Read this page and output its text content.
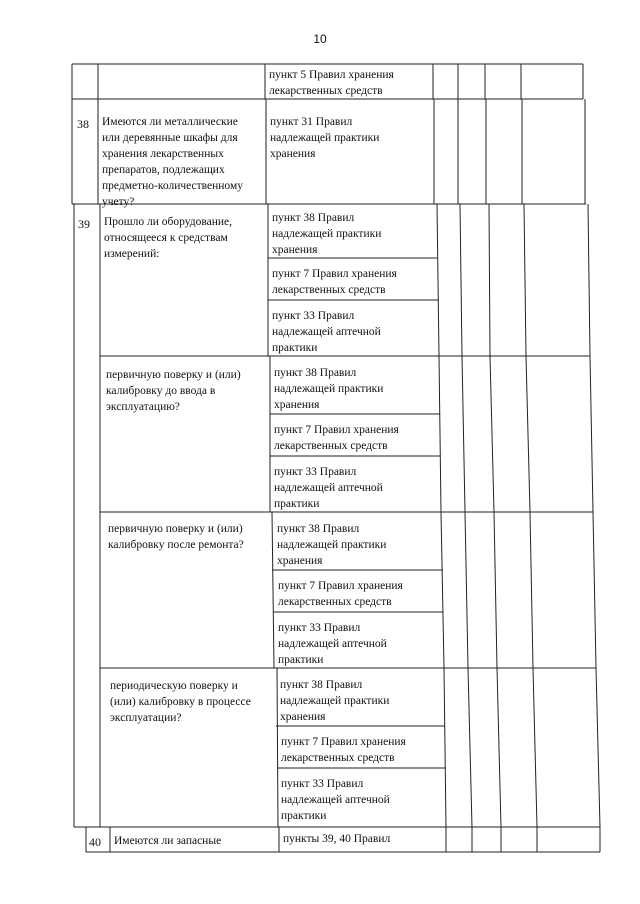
10
пункт 5 Правил хранения
лекарственных средств
38 Имеются ли металлические
или деревянные шкафы для
хранения лекарственных
препаратов, подлежащих
предметно-количественному
учету?
пункт 31 Правил
надлежащей практики
хранения
39 Прошло ли оборудование,
относящееся к средствам
измерений:
пункт 38 Правил
надлежащей практики
хранения
пункт 7 Правил хранения
лекарственных средств
пункт 33 Правил
надлежащей аптечной
практики
первичную поверку и (или)
калибровку до ввода в
эксплуатацию?
пункт 38 Правил
надлежащей практики
хранения
пункт 7 Правил хранения
лекарственных средств
пункт 33 Правил
надлежащей аптечной
практики
первичную поверку и (или)
калибровку после ремонта?
пункт 38 Правил
надлежащей практики
хранения
пункт 7 Правил хранения
лекарственных средств
пункт 33 Правил
надлежащей аптечной
практики
периодическую поверку и
(или) калибровку в процессе
эксплуатации?
пункт 38 Правил
надлежащей практики
хранения
пункт 7 Правил хранения
лекарственных средств
пункт 33 Правил
надлежащей аптечной
практики
40 Имеются ли запасные	пункты 39, 40 Правил
